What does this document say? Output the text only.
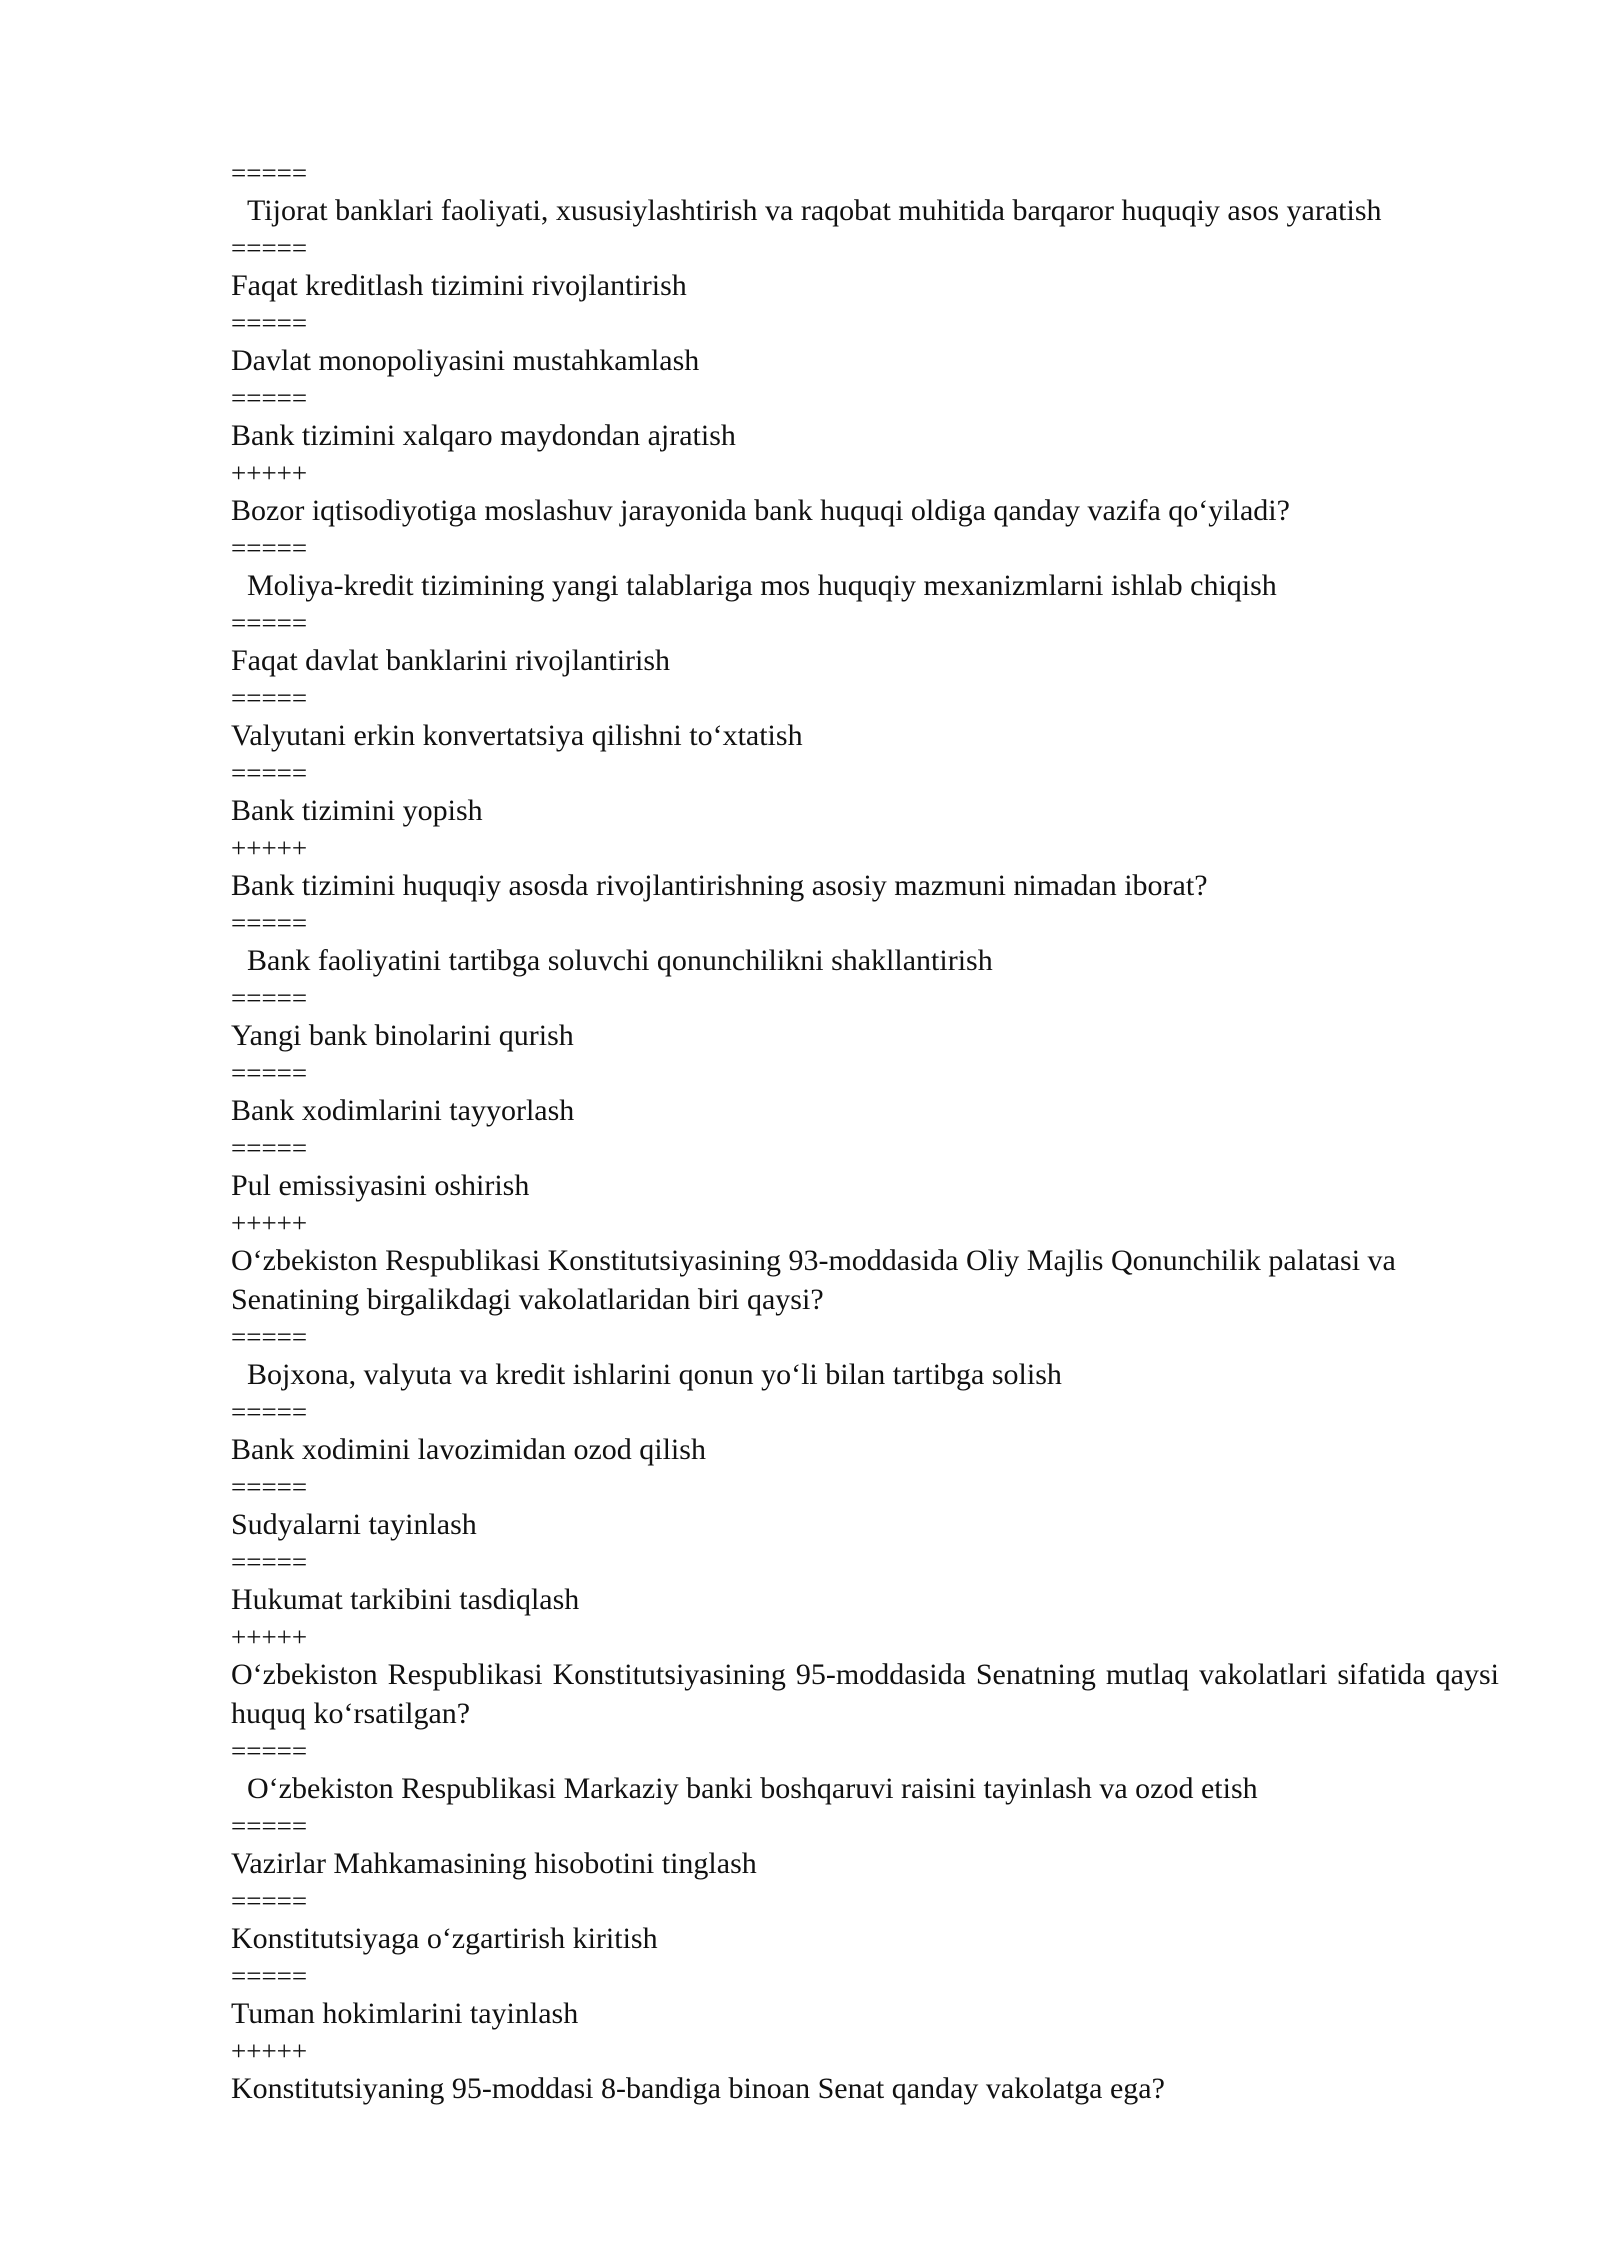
=====
Tijorat banklari faoliyati, xususiylashtirish va raqobat muhitida barqaror huquqiy asos yaratish
=====
Faqat kreditlash tizimini rivojlantirish
=====
Davlat monopoliyasini mustahkamlash
=====
Bank tizimini xalqaro maydondan ajratish
+++++
Bozor iqtisodiyotiga moslashuv jarayonida bank huquqi oldiga qanday vazifa qo‘yiladi?
=====
Moliya-kredit tizimining yangi talablariga mos huquqiy mexanizmlarni ishlab chiqish
=====
Faqat davlat banklarini rivojlantirish
=====
Valyutani erkin konvertatsiya qilishni to‘xtatish
=====
Bank tizimini yopish
+++++
Bank tizimini huquqiy asosda rivojlantirishning asosiy mazmuni nimadan iborat?
=====
Bank faoliyatini tartibga soluvchi qonunchilikni shakllantirish
=====
Yangi bank binolarini qurish
=====
Bank xodimlarini tayyorlash
=====
Pul emissiyasini oshirish
+++++
O‘zbekiston Respublikasi Konstitutsiyasining 93-moddasida Oliy Majlis Qonunchilik palatasi va Senatining birgalikdagi vakolatlaridan biri qaysi?
=====
Bojxona, valyuta va kredit ishlarini qonun yo‘li bilan tartibga solish
=====
Bank xodimini lavozimidan ozod qilish
=====
Sudyalarni tayinlash
=====
Hukumat tarkibini tasdiqlash
+++++
O‘zbekiston Respublikasi Konstitutsiyasining 95-moddasida Senatning mutlaq vakolatlari sifatida qaysi huquq ko‘rsatilgan?
=====
O‘zbekiston Respublikasi Markaziy banki boshqaruvi raisini tayinlash va ozod etish
=====
Vazirlar Mahkamasining hisobotini tinglash
=====
Konstitutsiyaga o‘zgartirish kiritish
=====
Tuman hokimlarini tayinlash
+++++
Konstitutsiyaning 95-moddasi 8-bandiga binoan Senat qanday vakolatga ega?
